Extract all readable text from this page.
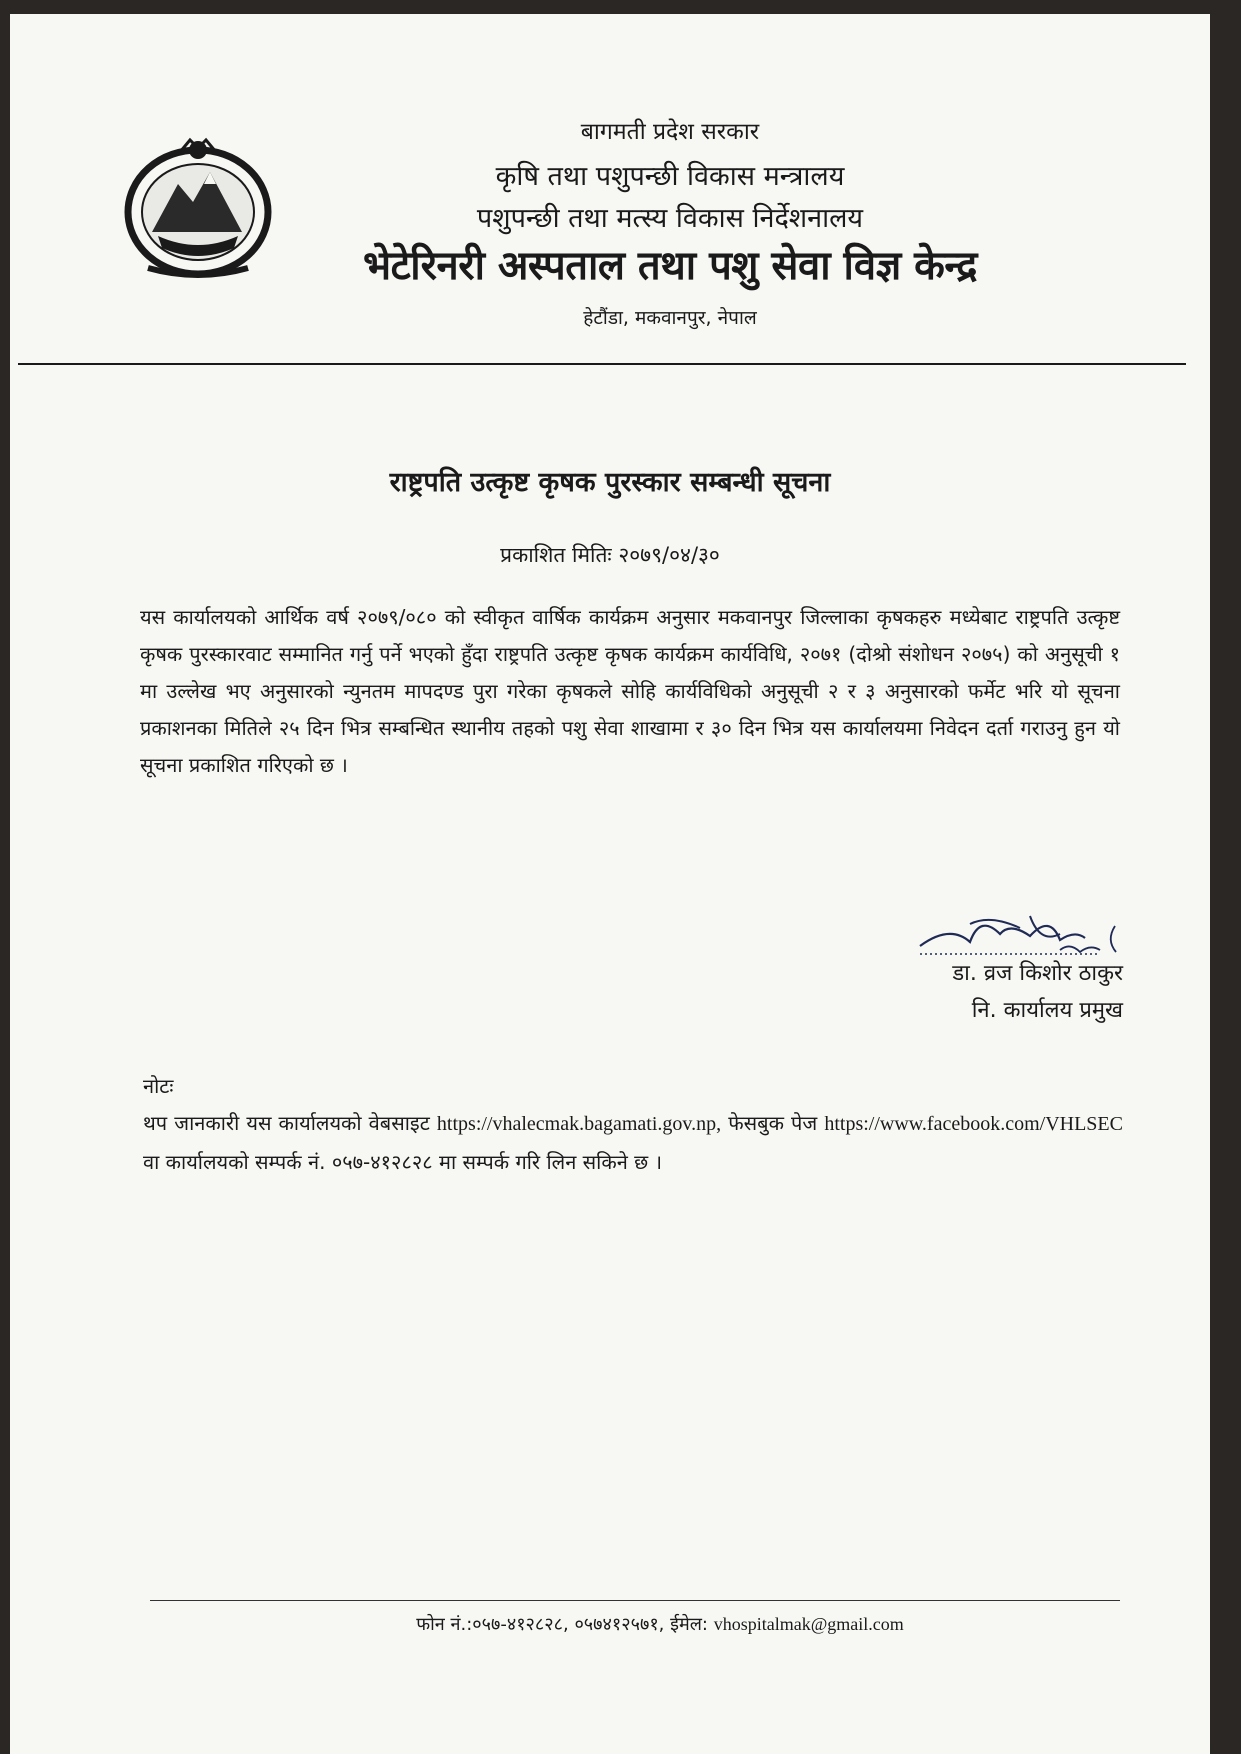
बागमती प्रदेश सरकार
कृषि तथा पशुपन्छी विकास मन्त्रालय
पशुपन्छी तथा मत्स्य विकास निर्देशनालय
भेटेरिनरी अस्पताल तथा पशु सेवा विज्ञ केन्द्र
हेटौंडा, मकवानपुर, नेपाल
राष्ट्रपति उत्कृष्ट कृषक पुरस्कार सम्बन्धी सूचना
प्रकाशित मितिः २०७९/०४/३०
यस कार्यालयको आर्थिक वर्ष २०७९/०८० को स्वीकृत वार्षिक कार्यक्रम अनुसार मकवानपुर जिल्लाका कृषकहरु मध्येबाट राष्ट्रपति उत्कृष्ट कृषक पुरस्कारवाट सम्मानित गर्नु पर्ने भएको हुँदा राष्ट्रपति उत्कृष्ट कृषक कार्यक्रम कार्यविधि, २०७१ (दोश्रो संशोधन २०७५) को अनुसूची १ मा उल्लेख भए अनुसारको न्युनतम मापदण्ड पुरा गरेका कृषकले सोहि कार्यविधिको अनुसूची २ र ३ अनुसारको फर्मेट भरि यो सूचना प्रकाशनका मितिले २५ दिन भित्र सम्बन्धित स्थानीय तहको पशु सेवा शाखामा र ३० दिन भित्र यस कार्यालयमा निवेदन दर्ता गराउनु हुन यो सूचना प्रकाशित गरिएको छ ।
डा. व्रज किशोर ठाकुर
नि. कार्यालय प्रमुख
नोटः
थप जानकारी यस कार्यालयको वेबसाइट https://vhalecmak.bagamati.gov.np, फेसबुक पेज https://www.facebook.com/VHLSEC वा कार्यालयको सम्पर्क नं. ०५७-४१२८२८ मा सम्पर्क गरि लिन सकिने छ ।
फोन नं.:०५७-४१२८२८, ०५७४१२५७१, ईमेल: vhospitalmak@gmail.com
